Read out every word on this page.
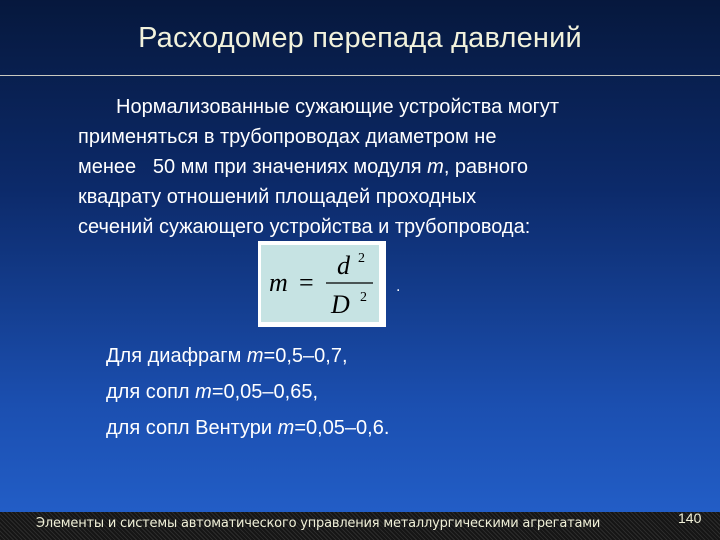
Расходомер перепада давлений
Нормализованные сужающие устройства могут
применяться в трубопроводах диаметром не
менее   50 мм при значениях модуля m, равного
квадрату отношений площадей проходных
сечений сужающего устройства и трубопровода:
m =
d 2
D 2
.
Для диафрагм m=0,5–0,7,
для сопл m=0,05–0,65,
для сопл Вентури m=0,05–0,6.
Элементы и системы автоматического управления металлургическими агрегатами	140
